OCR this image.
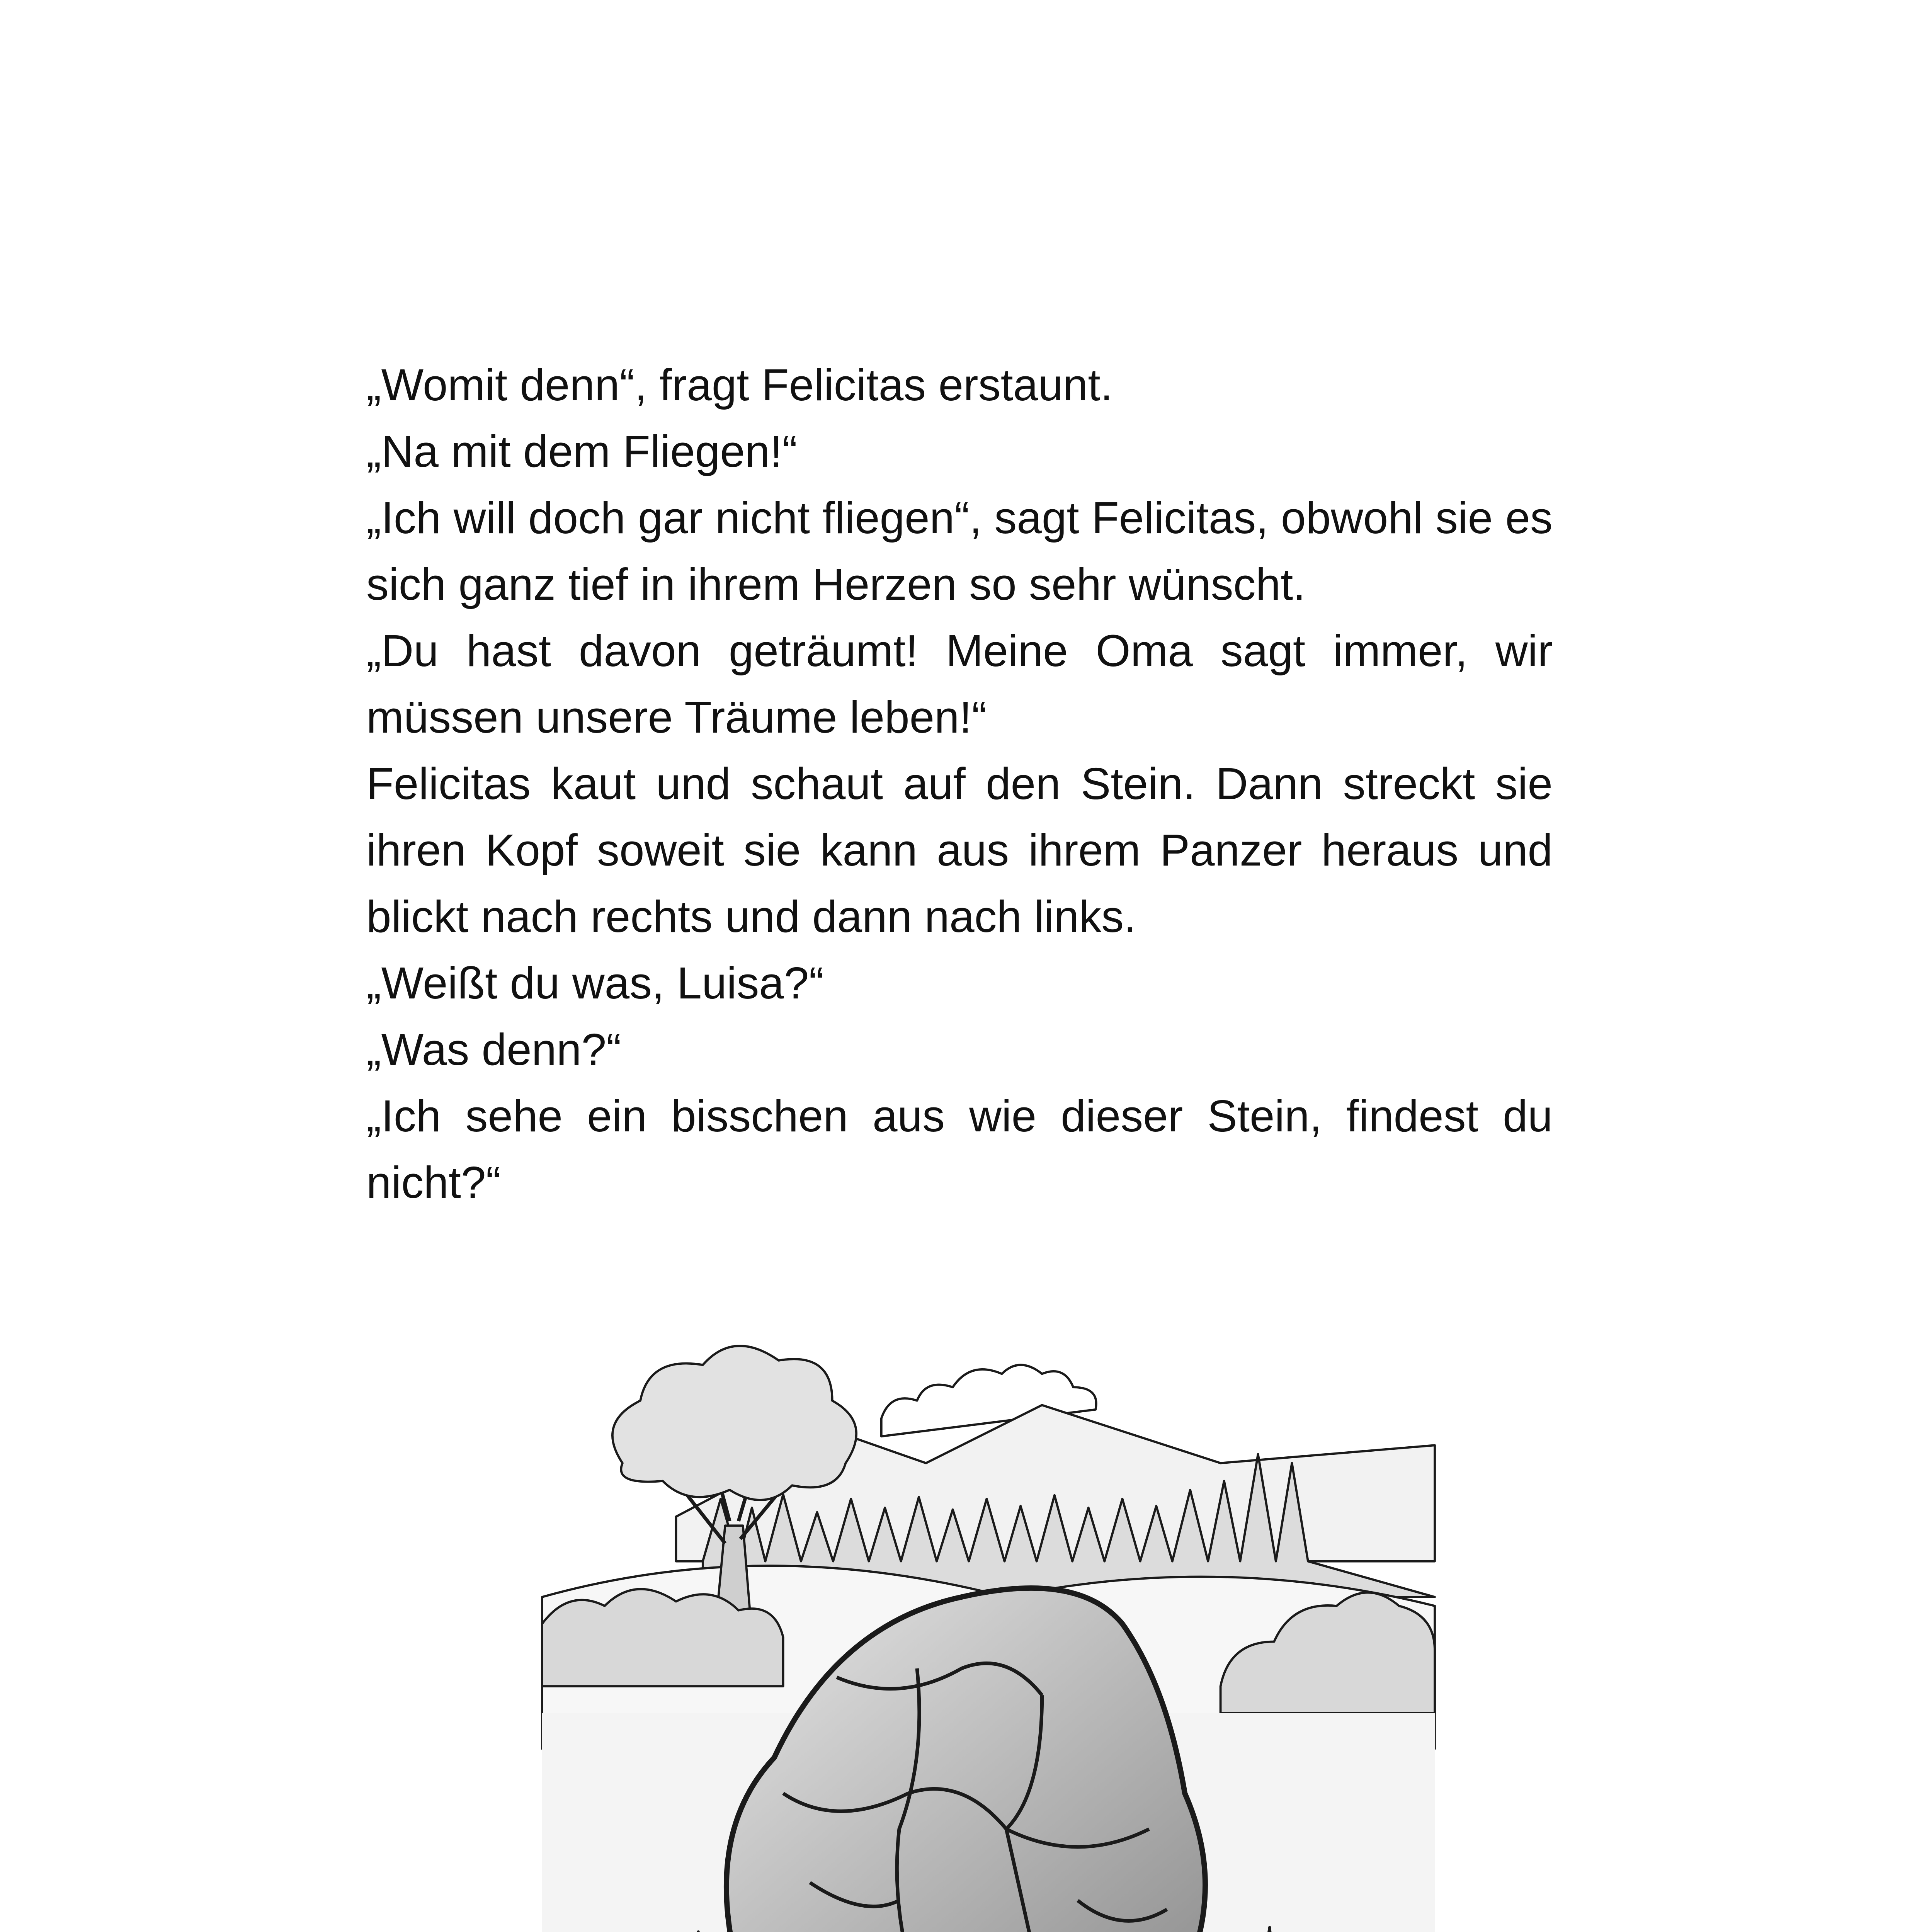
„Womit denn“, fragt Felicitas erstaunt.

„Na mit dem Fliegen!“

„Ich will doch gar nicht fliegen“, sagt Felicitas, obwohl sie es sich ganz tief in ihrem Herzen so sehr wünscht.

„Du hast davon geträumt! Meine Oma sagt immer, wir müssen unsere Träume leben!“

Felicitas kaut und schaut auf den Stein. Dann streckt sie ihren Kopf soweit sie kann aus ihrem Panzer heraus und blickt nach rechts und dann nach links.

„Weißt du was, Luisa?“

„Was denn?“

„Ich sehe ein bisschen aus wie dieser Stein, findest du nicht?“
